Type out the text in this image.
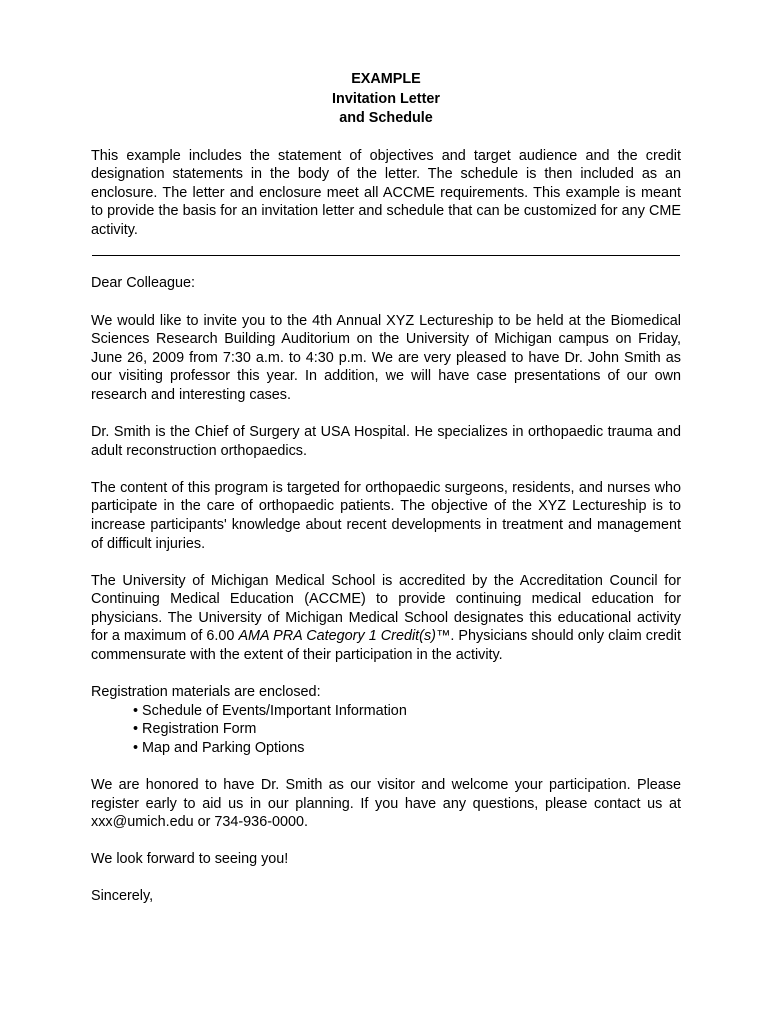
EXAMPLE
Invitation Letter
and Schedule

This example includes the statement of objectives and target audience and the credit designation statements in the body of the letter. The schedule is then included as an enclosure. The letter and enclosure meet all ACCME requirements. This example is meant to provide the basis for an invitation letter and schedule that can be customized for any CME activity.

Dear Colleague:

We would like to invite you to the 4th Annual XYZ Lectureship to be held at the Biomedical Sciences Research Building Auditorium on the University of Michigan campus on Friday, June 26, 2009 from 7:30 a.m. to 4:30 p.m. We are very pleased to have Dr. John Smith as our visiting professor this year. In addition, we will have case presentations of our own research and interesting cases.

Dr. Smith is the Chief of Surgery at USA Hospital. He specializes in orthopaedic trauma and adult reconstruction orthopaedics.

The content of this program is targeted for orthopaedic surgeons, residents, and nurses who participate in the care of orthopaedic patients. The objective of the XYZ Lectureship is to increase participants' knowledge about recent developments in treatment and management of difficult injuries.

The University of Michigan Medical School is accredited by the Accreditation Council for Continuing Medical Education (ACCME) to provide continuing medical education for physicians. The University of Michigan Medical School designates this educational activity for a maximum of 6.00 AMA PRA Category 1 Credit(s)™. Physicians should only claim credit commensurate with the extent of their participation in the activity.

Registration materials are enclosed:

• Schedule of Events/Important Information
• Registration Form
• Map and Parking Options

We are honored to have Dr. Smith as our visitor and welcome your participation. Please register early to aid us in our planning. If you have any questions, please contact us at xxx@umich.edu or 734-936-0000.

We look forward to seeing you!

Sincerely,
